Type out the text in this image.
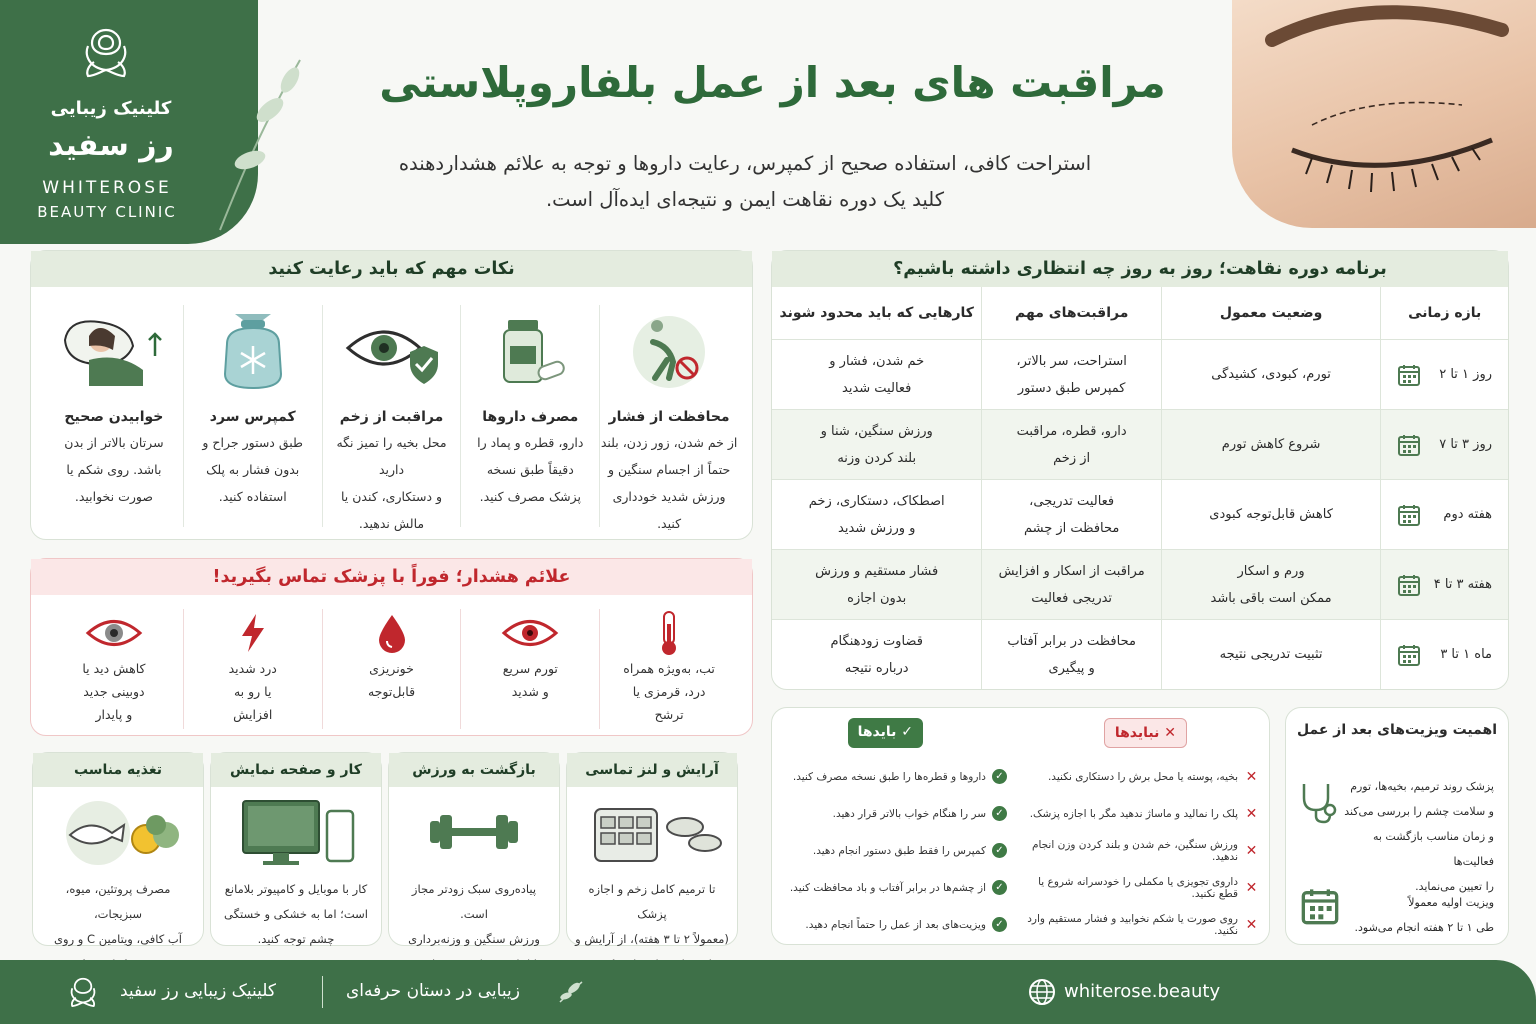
کلینیک زیبایی
رز سفید
WHITEROSE
BEAUTY CLINIC
مراقبت های بعد از عمل بلفاروپلاستی
استراحت کافی، استفاده صحیح از کمپرس، رعایت داروها و توجه به علائم هشداردهنده
کلید یک دوره نقاهت ایمن و نتیجه‌ای ایده‌آل است.
نکات مهم که باید رعایت کنید
محافظت از فشار
از خم شدن، زور زدن، بلند
حتماً از اجسام سنگین و
ورزش شدید خودداری کنید.
مصرف داروها
دارو، قطره و پماد را
دقیقاً طبق نسخه
پزشک مصرف کنید.
مراقبت از زخم
محل بخیه را تمیز نگه دارید
و دستکاری، کندن یا
مالش ندهید.
کمپرس سرد
طبق دستور جراح و
بدون فشار به پلک
استفاده کنید.
خوابیدن صحیح
سرتان بالاتر از بدن
باشد. روی شکم یا
صورت نخوابید.
علائم هشدار؛ فوراً با پزشک تماس بگیرید!
تب، به‌ویژه همراه
درد، قرمزی یا
ترشح
تورم سریع
و شدید
خونریزی
قابل‌توجه
درد شدید
یا رو به
افزایش
کاهش دید یا
دوبینی جدید
و پایدار
آرایش و لنز تماسی
تا ترمیم کامل زخم و اجازه پزشک
(معمولاً ۲ تا ۳ هفته)، از آرایش و
بازگشت به ورزش
پیاده‌روی سبک زودتر مجاز است.
ورزش سنگین و وزنه‌برداری
کار و صفحه نمایش
کار با موبایل و کامپیوتر بلامانع
است؛ اما به خشکی و خستگی
چشم توجه کنید.
تغذیه مناسب
مصرف پروتئین، میوه، سبزیجات،
آب کافی، ویتامین C و روی
برنامه دوره نقاهت؛ روز به روز چه انتظاری داشته باشیم؟
بازه زمانی
وضعیت معمول
مراقبت‌های مهم
کارهایی که باید محدود شوند
روز ۱ تا ۲
تورم، کبودی، کشیدگی
استراحت، سر بالاتر،
کمپرس طبق دستور
خم شدن، فشار و
فعالیت شدید
روز ۳ تا ۷
شروع کاهش تورم
دارو، قطره، مراقبت
از زخم
ورزش سنگین، شنا و
بلند کردن وزنه
هفته دوم
کاهش قابل‌توجه کبودی
فعالیت تدریجی،
محافظت از چشم
اصطکاک، دستکاری، زخم
و ورزش شدید
هفته ۳ تا ۴
ورم و اسکار
ممکن است باقی باشد
مراقبت از اسکار و افزایش
تدریجی فعالیت
فشار مستقیم و ورزش
بدون اجازه
ماه ۱ تا ۳
تثبیت تدریجی نتیجه
محافظت در برابر آفتاب
و پیگیری
قضاوت زودهنگام
درباره نتیجه
✕ نبایدها
✓ بایدها
✕
بخیه، پوسته یا محل برش را دستکاری نکنید.
✕
پلک را نمالید و ماساژ ندهید مگر با اجازه پزشک.
✕
ورزش سنگین، خم شدن و بلند کردن وزن انجام ندهید.
✕
داروی تجویزی یا مکملی را خودسرانه شروع یا قطع نکنید.
✕
روی صورت یا شکم نخوابید و فشار مستقیم وارد نکنید.
✓
داروها و قطره‌ها را طبق نسخه مصرف کنید.
✓
سر را هنگام خواب بالاتر قرار دهید.
✓
کمپرس را فقط طبق دستور انجام دهید.
✓
از چشم‌ها در برابر آفتاب و باد محافظت کنید.
✓
ویزیت‌های بعد از عمل را حتماً انجام دهید.
اهمیت ویزیت‌های بعد از عمل
پزشک روند ترمیم، بخیه‌ها، تورم
و سلامت چشم را بررسی می‌کند
و زمان مناسب بازگشت به فعالیت‌ها
را تعیین می‌نماید.
ویزیت اولیه معمولاً
طی ۱ تا ۲ هفته انجام می‌شود.
کلینیک زیبایی رز سفید	زیبایی در دستان حرفه‌ای	whiterose.beauty
